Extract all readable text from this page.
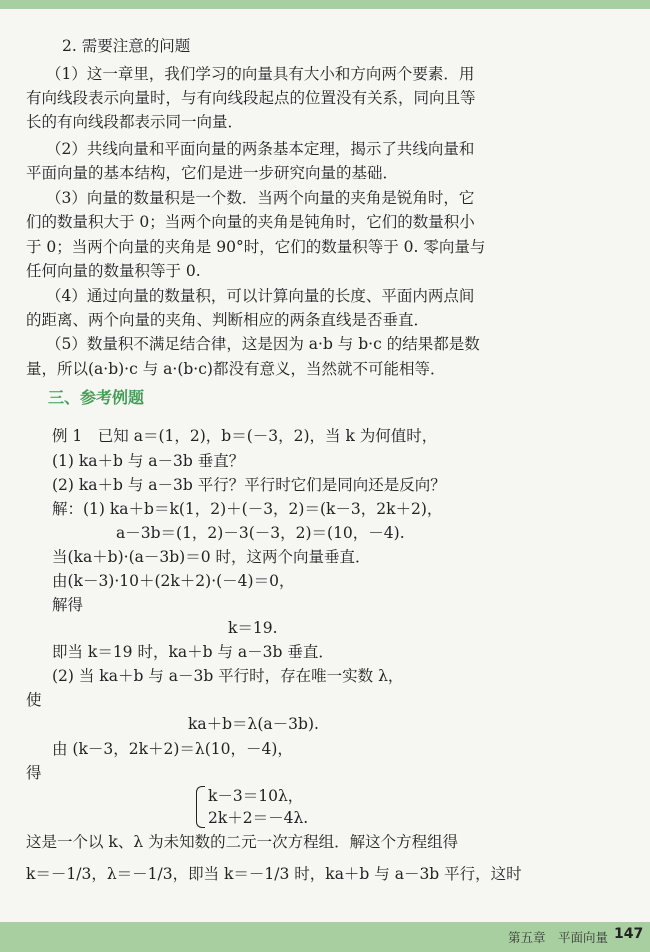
2. 需要注意的问题
（1）这一章里，我们学习的向量具有大小和方向两个要素．用
有向线段表示向量时，与有向线段起点的位置没有关系，同向且等
长的有向线段都表示同一向量．
（2）共线向量和平面向量的两条基本定理，揭示了共线向量和
平面向量的基本结构，它们是进一步研究向量的基础．
（3）向量的数量积是一个数．当两个向量的夹角是锐角时，它
们的数量积大于 0；当两个向量的夹角是钝角时，它们的数量积小
于 0；当两个向量的夹角是 90°时，它们的数量积等于 0. 零向量与
任何向量的数量积等于 0.
（4）通过向量的数量积，可以计算向量的长度、平面内两点间
的距离、两个向量的夹角、判断相应的两条直线是否垂直．
（5）数量积不满足结合律，这是因为 a·b 与 b·c 的结果都是数
量，所以(a·b)·c 与 a·(b·c)都没有意义，当然就不可能相等．
三、参考例题
例 1　已知 a＝(1，2)，b＝(－3，2)，当 k 为何值时，
(1) ka＋b 与 a－3b 垂直？
(2) ka＋b 与 a－3b 平行？平行时它们是同向还是反向？
解：(1) ka＋b＝k(1，2)＋(－3，2)＝(k－3，2k＋2)，
a－3b＝(1，2)－3(－3，2)＝(10，－4).
当(ka＋b)·(a－3b)＝0 时，这两个向量垂直．
由(k－3)·10＋(2k＋2)·(－4)＝0，
解得
k＝19.
即当 k＝19 时，ka＋b 与 a－3b 垂直．
(2) 当 ka＋b 与 a－3b 平行时，存在唯一实数 λ，
使
ka＋b＝λ(a－3b).
由 (k－3，2k＋2)＝λ(10，－4)，
得
k－3＝10λ，
2k＋2＝－4λ.
这是一个以 k、λ 为未知数的二元一次方程组．解这个方程组得
k＝－1/3，λ＝－1/3，即当 k＝－1/3 时，ka＋b 与 a－3b 平行，这时
第五章　平面向量 147
